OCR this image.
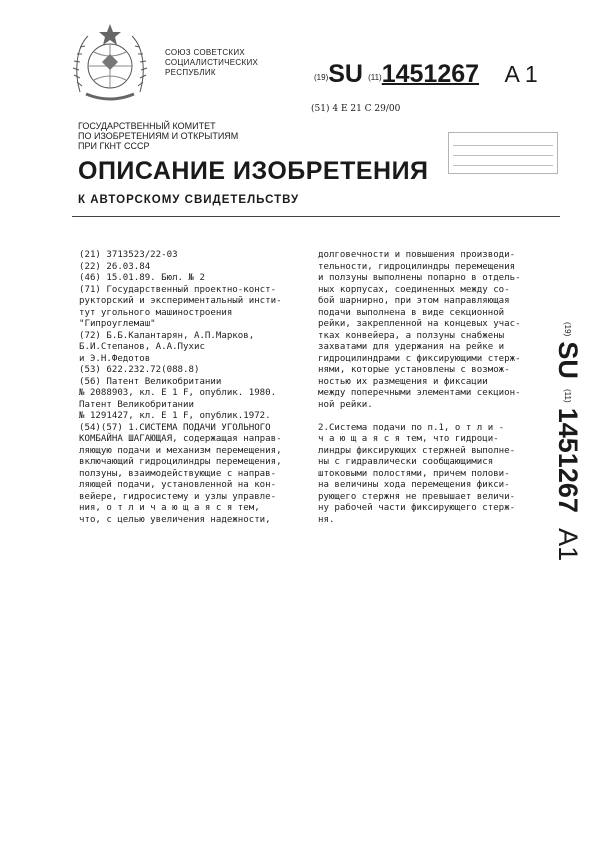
СОЮЗ СОВЕТСКИХ
СОЦИАЛИСТИЧЕСКИХ
РЕСПУБЛИК
(19)SU (11)1451267 A 1
(51) 4 E 21 C 29/00
ГОСУДАРСТВЕННЫЙ КОМИТЕТ
ПО ИЗОБРЕТЕНИЯМ И ОТКРЫТИЯМ
ПРИ ГКНТ СССР
ОПИСАНИЕ ИЗОБРЕТЕНИЯ
К АВТОРСКОМУ СВИДЕТЕЛЬСТВУ
(21) 3713523/22-03
(22) 26.03.84
(46) 15.01.89. Бюл. № 2
(71) Государственный проектно-конст-
рукторский и экспериментальный инсти-
тут угольного машиностроения
"Гипроуглемаш"
(72) Б.Б.Калантарян, А.П.Марков,
Б.И.Степанов, А.А.Пухис
и Э.Н.Федотов
(53) 622.232.72(088.8)
(56) Патент Великобритании
№ 2088903, кл. E 1 F, опублик. 1980.
Патент Великобритании
№ 1291427, кл. E 1 F, опублик.1972.
(54)(57) 1.СИСТЕМА ПОДАЧИ УГОЛЬНОГО
КОМБАЙНА ШАГАЮЩАЯ, содержащая направ-
ляющую подачи и механизм перемещения,
включающий гидроцилиндры перемещения,
ползуны, взаимодействующие с направ-
ляющей подачи, установленной на кон-
вейере, гидросистему и узлы управле-
ния, о т л и ч а ю щ а я с я тем,
что, с целью увеличения надежности,
долговечности и повышения производи-
тельности, гидроцилиндры перемещения
и ползуны выполнены попарно в отдель-
ных корпусах, соединенных между со-
бой шарнирно, при этом направляющая
подачи выполнена в виде секционной
рейки, закрепленной на концевых учас-
тках конвейера, а ползуны снабжены
захватами для удержания на рейке и
гидроцилиндрами с фиксирующими стерж-
нями, которые установлены с возмож-
ностью их размещения и фиксации
между поперечными элементами секцион-
ной рейки.

2.Система подачи по п.1, о т л и -
ч а ю щ а я с я тем, что гидроци-
линдры фиксирующих стержней выполне-
ны с гидравлически сообщающимися
штоковыми полостями, причем полови-
на величины хода перемещения фикси-
рующего стержня не превышает величи-
ну рабочей части фиксирующего стерж-
ня.
(19) SU  (11) 1451267   A1
